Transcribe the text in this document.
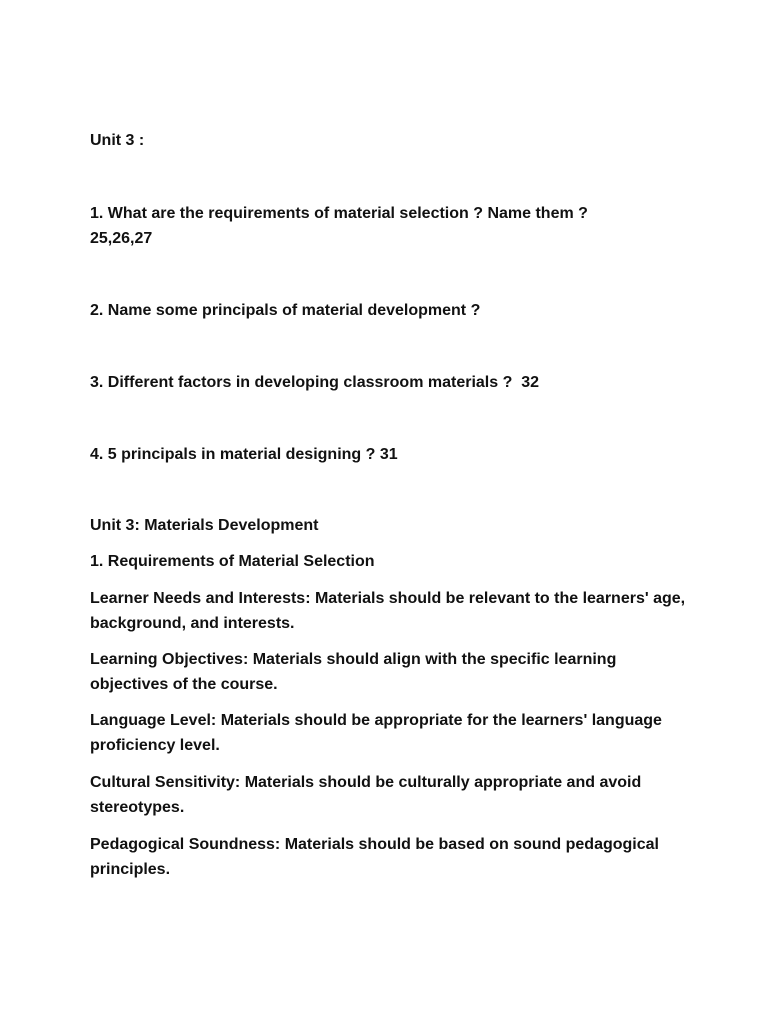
Unit 3 :

1. What are the requirements of material selection ? Name them ?

25,26,27

2. Name some principals of material development ?

3. Different factors in developing classroom materials ?  32

4. 5 principals in material designing ? 31

Unit 3: Materials Development

1. Requirements of Material Selection

Learner Needs and Interests: Materials should be relevant to the learners' age, background, and interests.

Learning Objectives: Materials should align with the specific learning objectives of the course.

Language Level: Materials should be appropriate for the learners' language proficiency level.

Cultural Sensitivity: Materials should be culturally appropriate and avoid stereotypes.

Pedagogical Soundness: Materials should be based on sound pedagogical principles.
